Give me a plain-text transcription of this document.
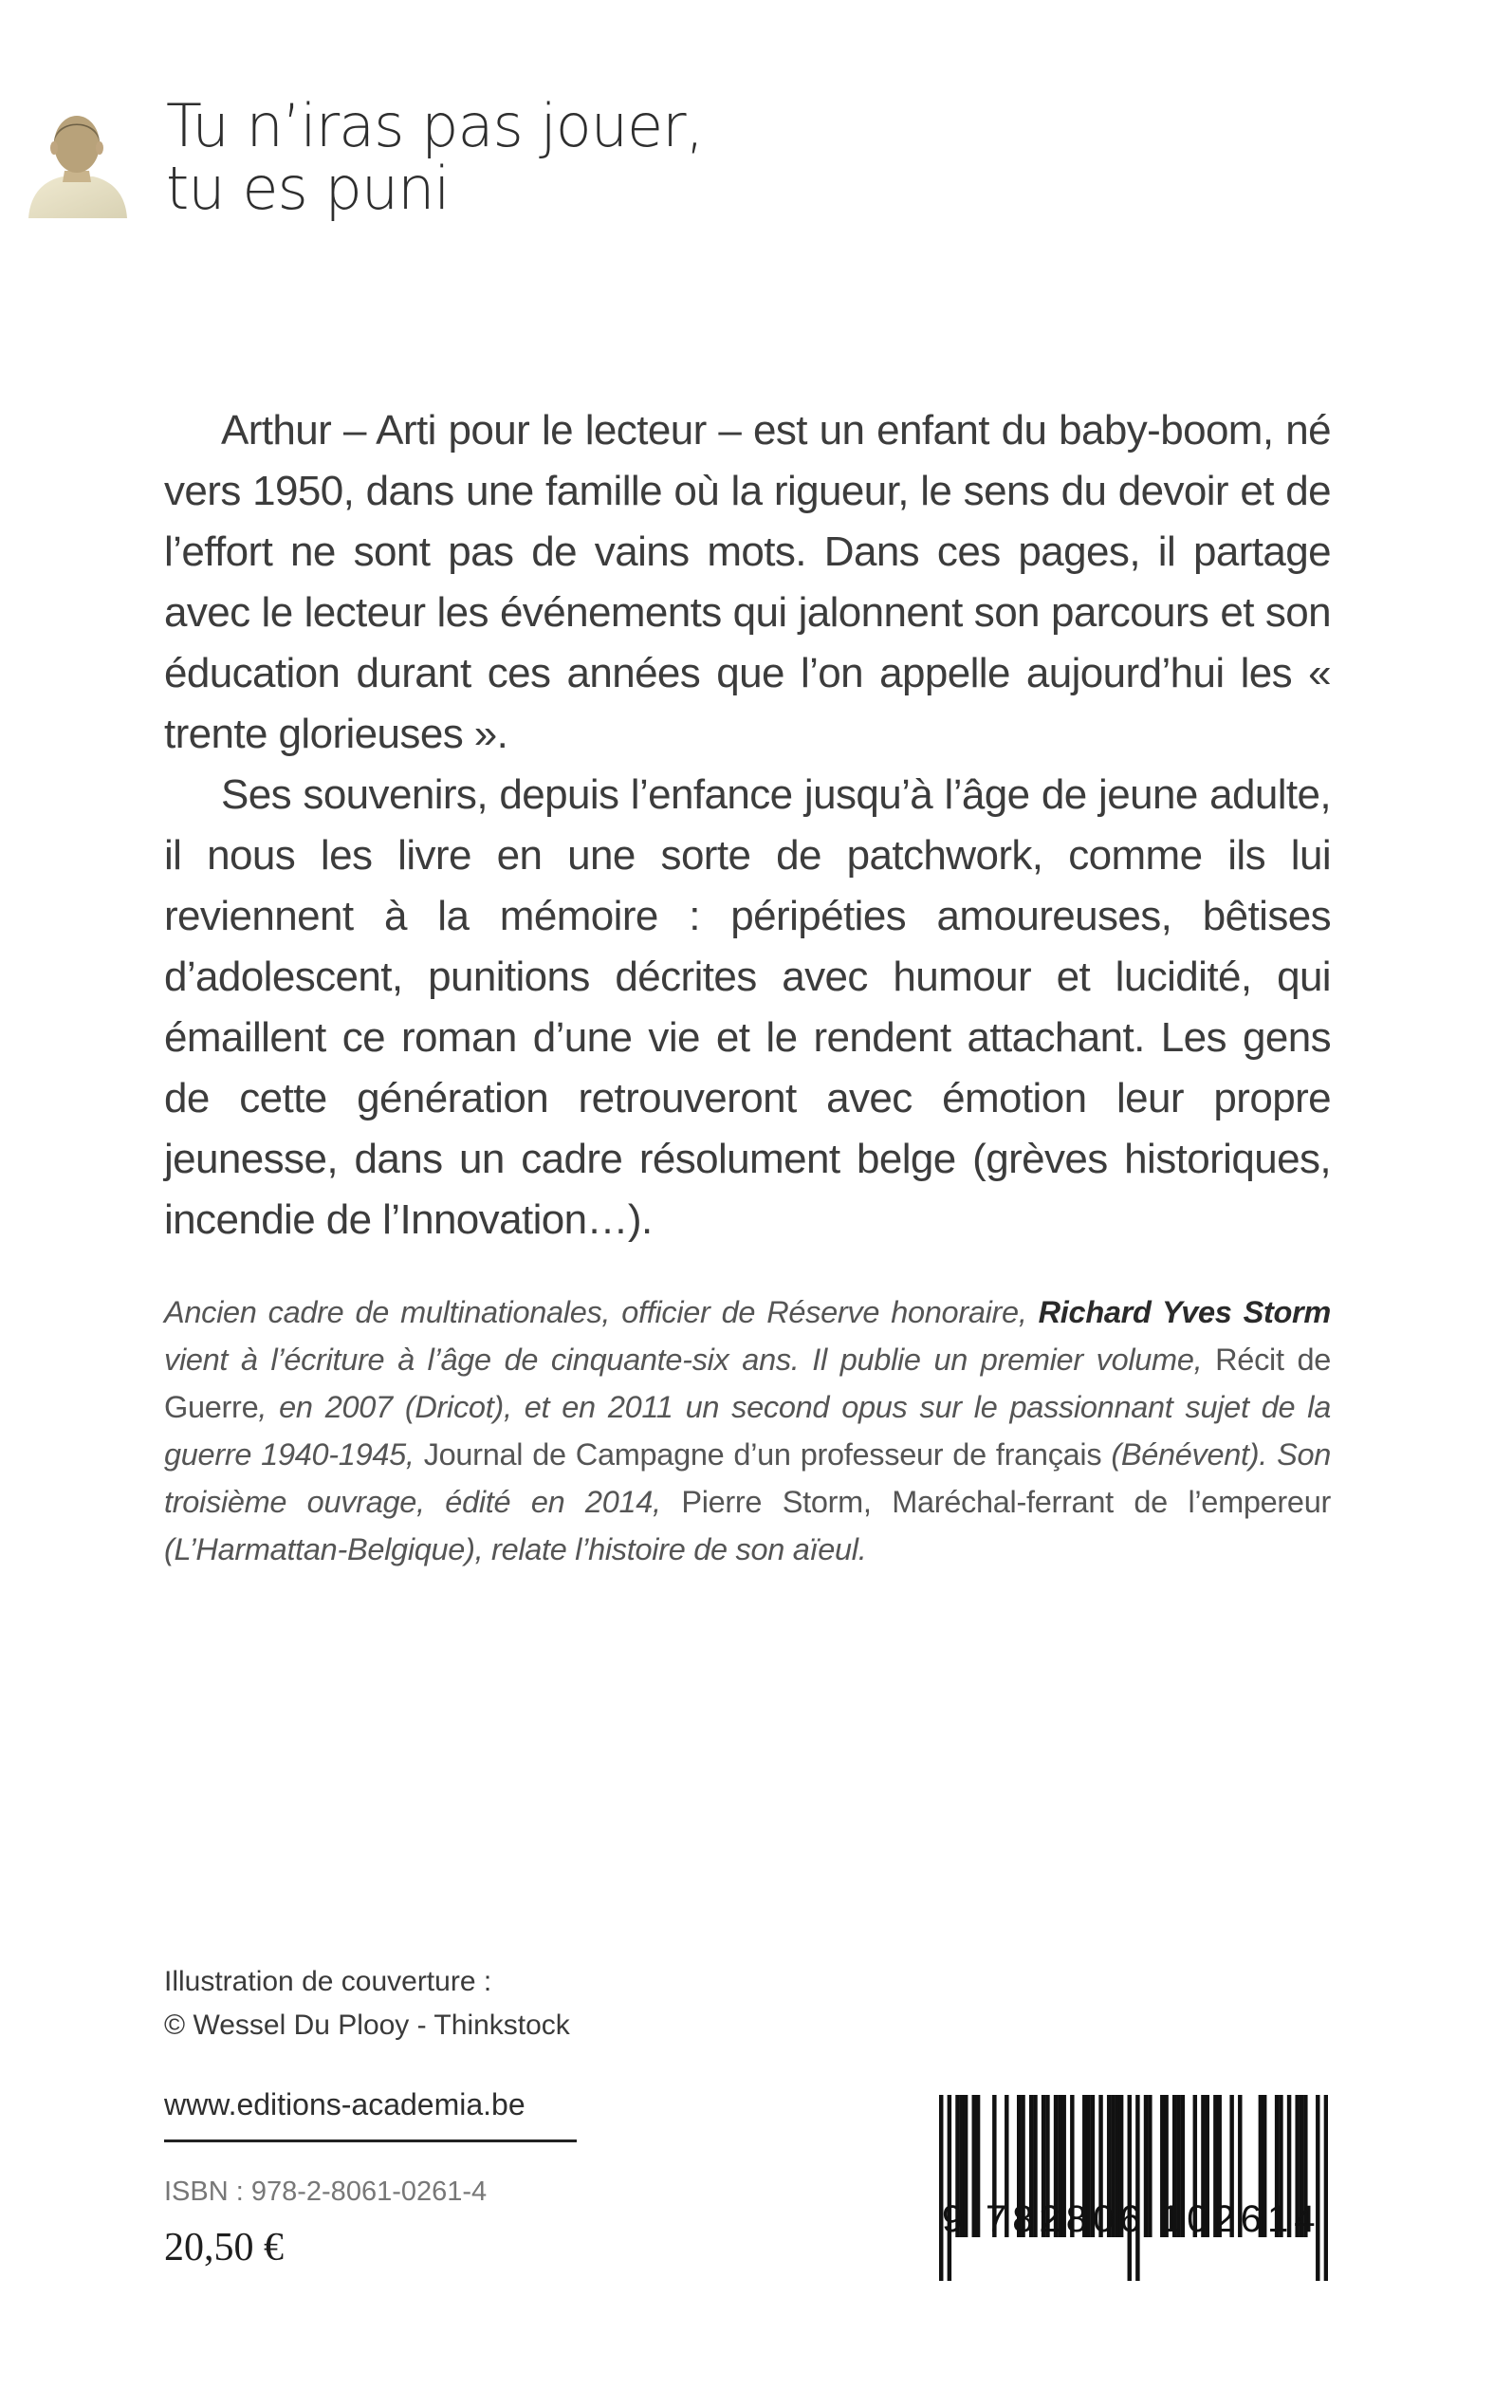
Tu n’iras pas jouer,
tu es puni

Arthur – Arti pour le lecteur – est un enfant du baby-boom, né vers 1950, dans une famille où la rigueur, le sens du devoir et de l’effort ne sont pas de vains mots. Dans ces pages, il partage avec le lecteur les événements qui jalonnent son parcours et son éducation durant ces années que l’on appelle aujourd’hui les « trente glorieuses ».

Ses souvenirs, depuis l’enfance jusqu’à l’âge de jeune adulte, il nous les livre en une sorte de patchwork, comme ils lui reviennent à la mémoire : péripéties amoureuses, bêtises d’adolescent, punitions décrites avec humour et lucidité, qui émaillent ce roman d’une vie et le rendent attachant. Les gens de cette génération retrouveront avec émotion leur propre jeunesse, dans un cadre résolument belge (grèves historiques, incendie de l’Innovation…).

Ancien cadre de multinationales, officier de Réserve honoraire, Richard Yves Storm vient à l’écriture à l’âge de cinquante-six ans. Il publie un premier volume, Récit de Guerre, en 2007 (Dricot), et en 2011 un second opus sur le passionnant sujet de la guerre 1940-1945, Journal de Campagne d’un professeur de français (Bénévent). Son troisième ouvrage, édité en 2014, Pierre Storm, Maréchal-ferrant de l’empereur (L’Harmattan-Belgique), relate l’histoire de son aïeul.
Illustration de couverture :
© Wessel Du Plooy - Thinkstock
www.editions-academia.be
ISBN : 978-2-8061-0261-4
20,50 €
9 782806 102614
